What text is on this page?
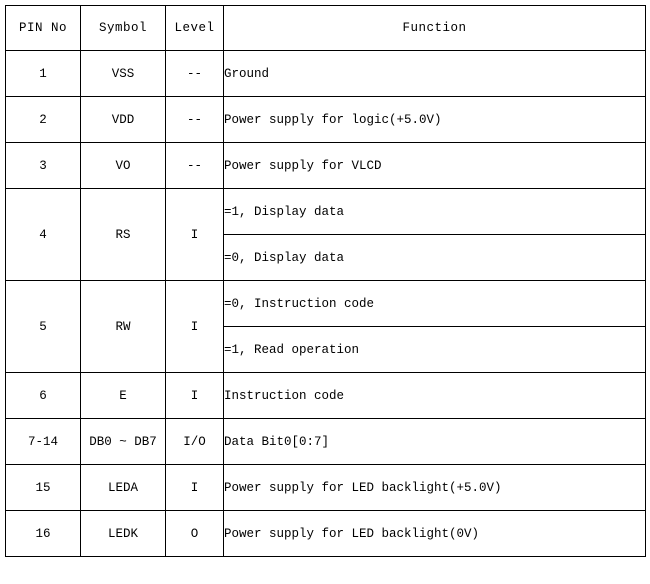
PIN No	Symbol	Level	Function
1	VSS	--	Ground
2	VDD	--	Power supply for logic(+5.0V)
3	VO	--	Power supply for VLCD
4	RS	I	=1, Display data
			=0, Display data
5	RW	I	=0, Instruction code
			=1, Read operation
6	E	I	Instruction code
7-14	DB0 ~ DB7	I/O	Data Bit0[0:7]
15	LEDA	I	Power supply for LED backlight(+5.0V)
16	LEDK	O	Power supply for LED backlight(0V)
